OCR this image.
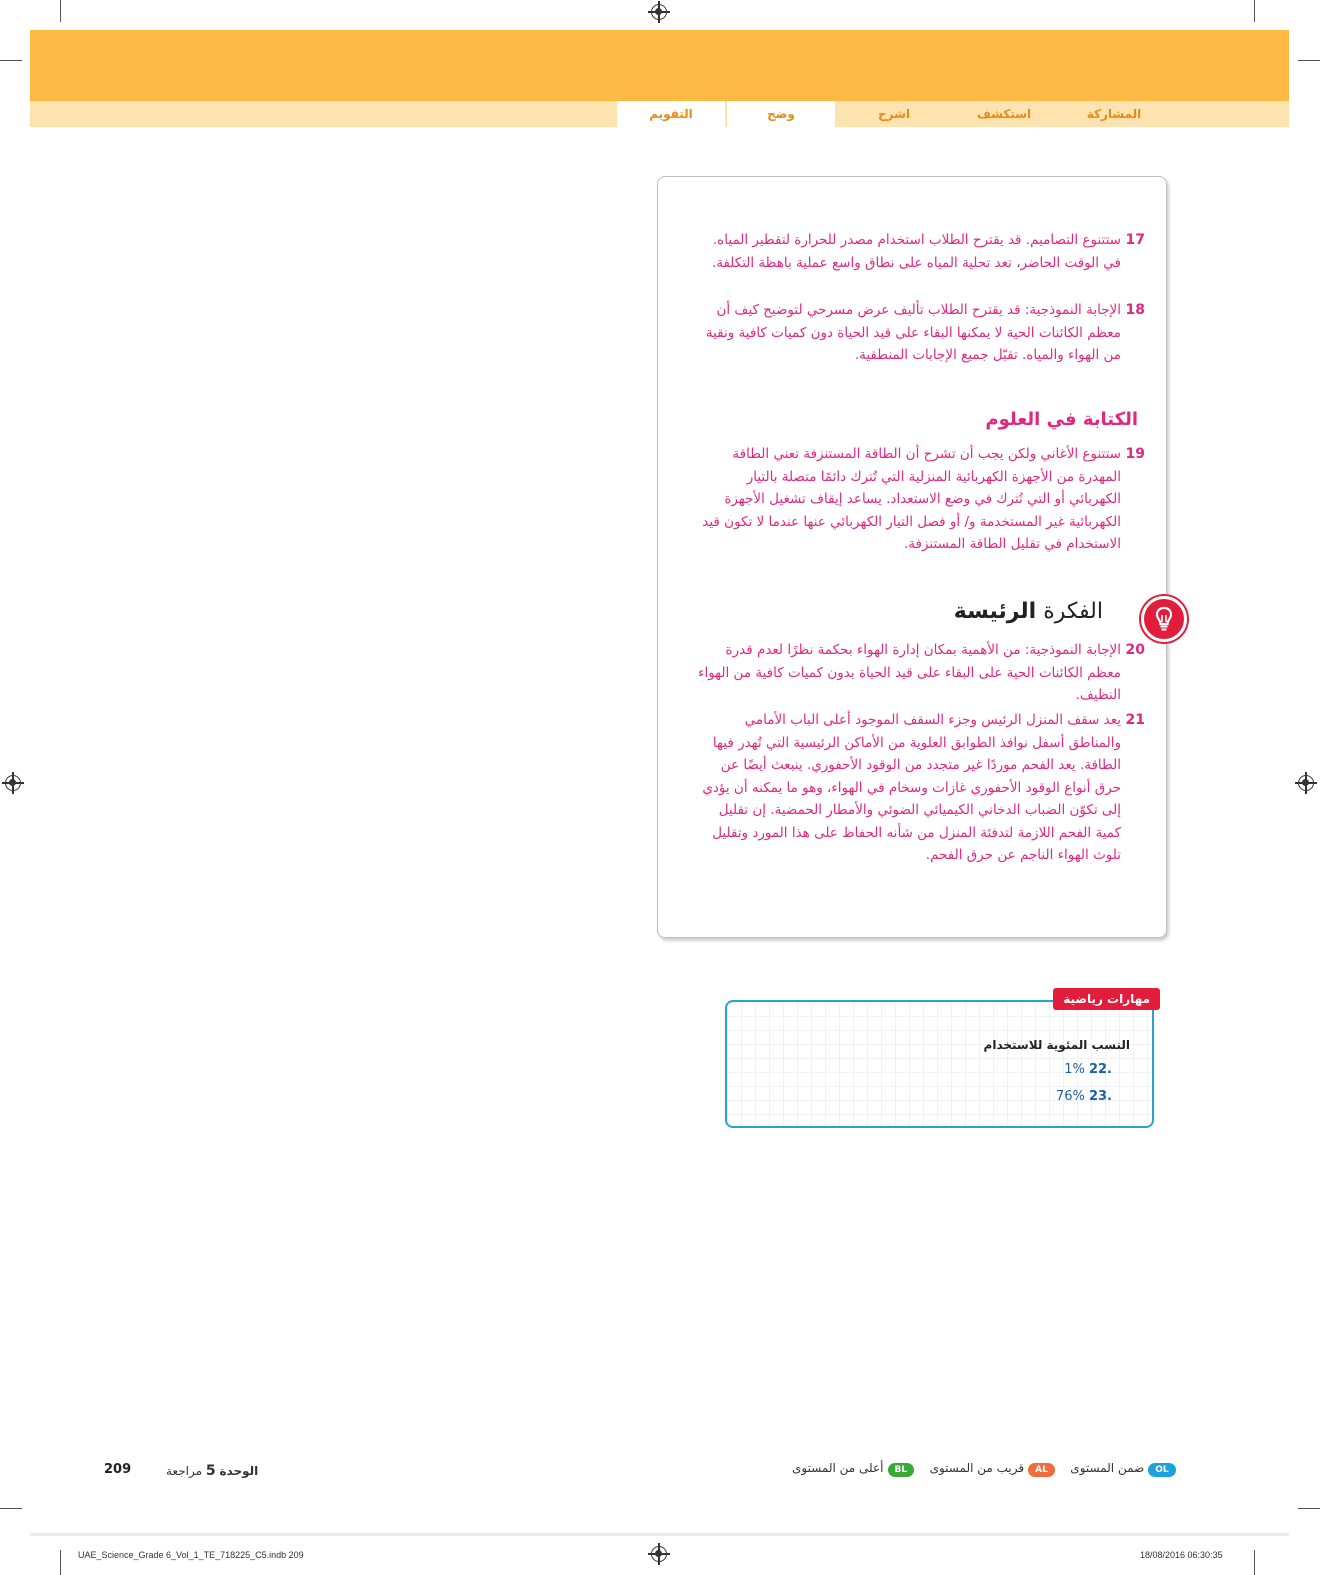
المشاركة
استكشف
اشرح
وضح
التقويم
17
ستتنوع التصاميم. قد يقترح الطلاب استخدام مصدر للحرارة لتقطير المياه. في الوقت الحاضر، تعد تحلية المياه على نطاق واسع عملية باهظة التكلفة.
18
الإجابة النموذجية: قد يقترح الطلاب تأليف عرض مسرحي لتوضيح كيف أن معظم الكائنات الحية لا يمكنها البقاء على قيد الحياة دون كميات كافية ونقية من الهواء والمياه. تقبّل جميع الإجابات المنطقية.
الكتابة في العلوم
19
ستتنوع الأغاني ولكن يجب أن تشرح أن الطاقة المستنزفة تعني الطاقة المهدرة من الأجهزة الكهربائية المنزلية التي تُترك دائمًا متصلة بالتيار الكهربائي أو التي تُترك في وضع الاستعداد. يساعد إيقاف تشغيل الأجهزة الكهربائية غير المستخدمة و/ أو فصل التيار الكهربائي عنها عندما لا تكون قيد الاستخدام في تقليل الطاقة المستنزفة.
الفكرة الرئيسة
20
الإجابة النموذجية: من الأهمية بمكان إدارة الهواء بحكمة نظرًا لعدم قدرة معظم الكائنات الحية على البقاء على قيد الحياة بدون كميات كافية من الهواء النظيف.
21
يعد سقف المنزل الرئيس وجزء السقف الموجود أعلى الباب الأمامي والمناطق أسفل نوافذ الطوابق العلوية من الأماكن الرئيسية التي تُهدر فيها الطاقة. يعد الفحم موردًا غير متجدد من الوقود الأحفوري. ينبعث أيضًا عن حرق أنواع الوقود الأحفوري غازات وسخام في الهواء، وهو ما يمكنه أن يؤدي إلى تكوّن الضباب الدخاني الكيميائي الضوئي والأمطار الحمضية. إن تقليل كمية الفحم اللازمة لتدفئة المنزل من شأنه الحفاظ على هذا المورد وتقليل تلوث الهواء الناجم عن حرق الفحم.
مهارات رياضية
النسب المئوية للاستخدام
1% 22.
76% 23.
209	الوحدة 5 مراجعة	OLضمن المستوى   ALقريب من المستوى   BLأعلى من المستوى
UAE_Science_Grade 6_Vol_1_TE_718225_C5.indb 209	18/08/2016 06:30:35
